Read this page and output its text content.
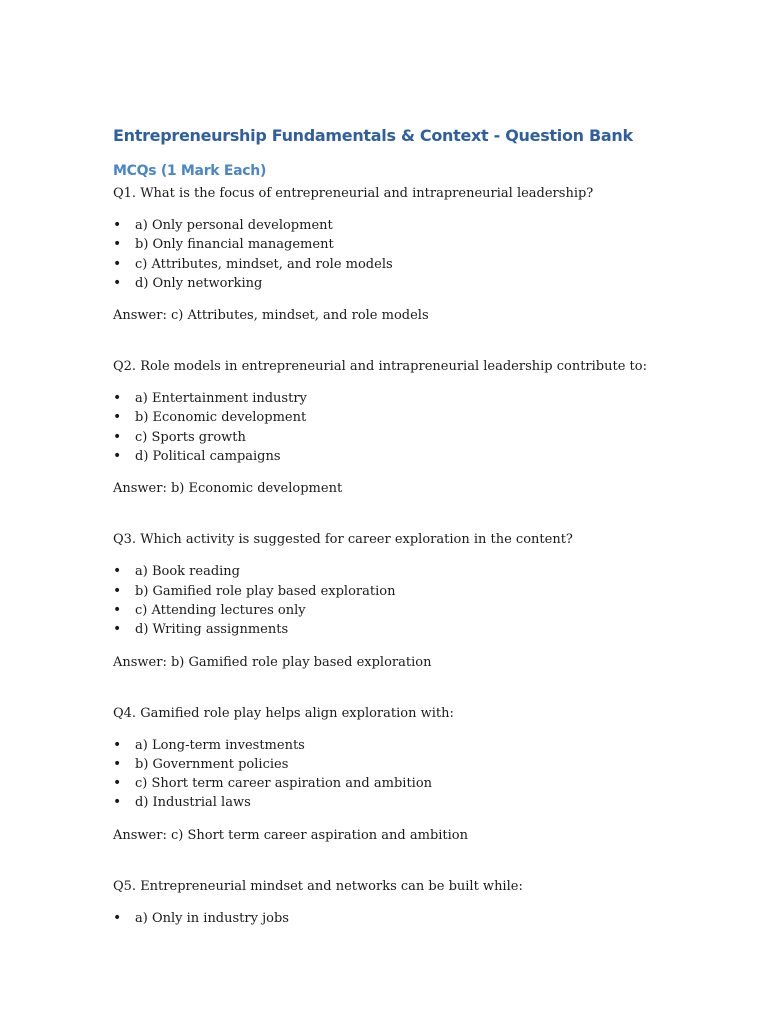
Entrepreneurship Fundamentals & Context - Question Bank
MCQs (1 Mark Each)

Q1. What is the focus of entrepreneurial and intrapreneurial leadership?

• a) Only personal development
• b) Only financial management
• c) Attributes, mindset, and role models
• d) Only networking

Answer: c) Attributes, mindset, and role models

Q2. Role models in entrepreneurial and intrapreneurial leadership contribute to:

• a) Entertainment industry
• b) Economic development
• c) Sports growth
• d) Political campaigns

Answer: b) Economic development

Q3. Which activity is suggested for career exploration in the content?

• a) Book reading
• b) Gamified role play based exploration
• c) Attending lectures only
• d) Writing assignments

Answer: b) Gamified role play based exploration

Q4. Gamified role play helps align exploration with:

• a) Long-term investments
• b) Government policies
• c) Short term career aspiration and ambition
• d) Industrial laws

Answer: c) Short term career aspiration and ambition

Q5. Entrepreneurial mindset and networks can be built while:

• a) Only in industry jobs
